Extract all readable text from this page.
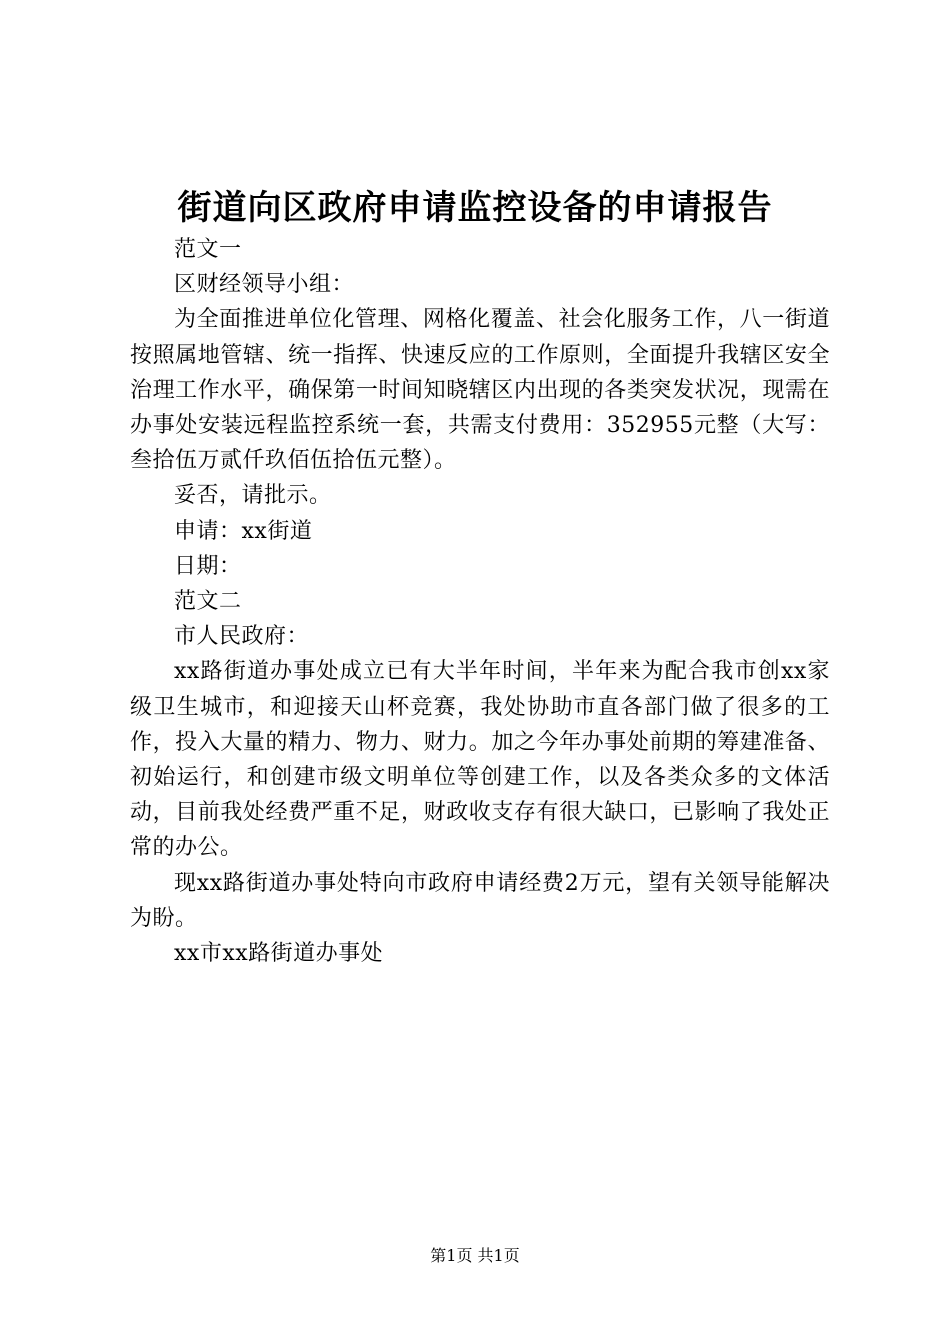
街道向区政府申请监控设备的申请报告

范文一

区财经领导小组：

为全面推进单位化管理、网格化覆盖、社会化服务工作，八一街道按照属地管辖、统一指挥、快速反应的工作原则，全面提升我辖区安全治理工作水平，确保第一时间知晓辖区内出现的各类突发状况，现需在办事处安装远程监控系统一套，共需支付费用：352955元整（大写：叁拾伍万贰仟玖佰伍拾伍元整）。

妥否，请批示。

申请：xx街道

日期：

范文二

市人民政府：

xx路街道办事处成立已有大半年时间，半年来为配合我市创xx家级卫生城市，和迎接天山杯竞赛，我处协助市直各部门做了很多的工作，投入大量的精力、物力、财力。加之今年办事处前期的筹建准备、初始运行，和创建市级文明单位等创建工作，以及各类众多的文体活动，目前我处经费严重不足，财政收支存有很大缺口，已影响了我处正常的办公。

现xx路街道办事处特向市政府申请经费2万元，望有关领导能解决为盼。

xx市xx路街道办事处

第1页 共1页
